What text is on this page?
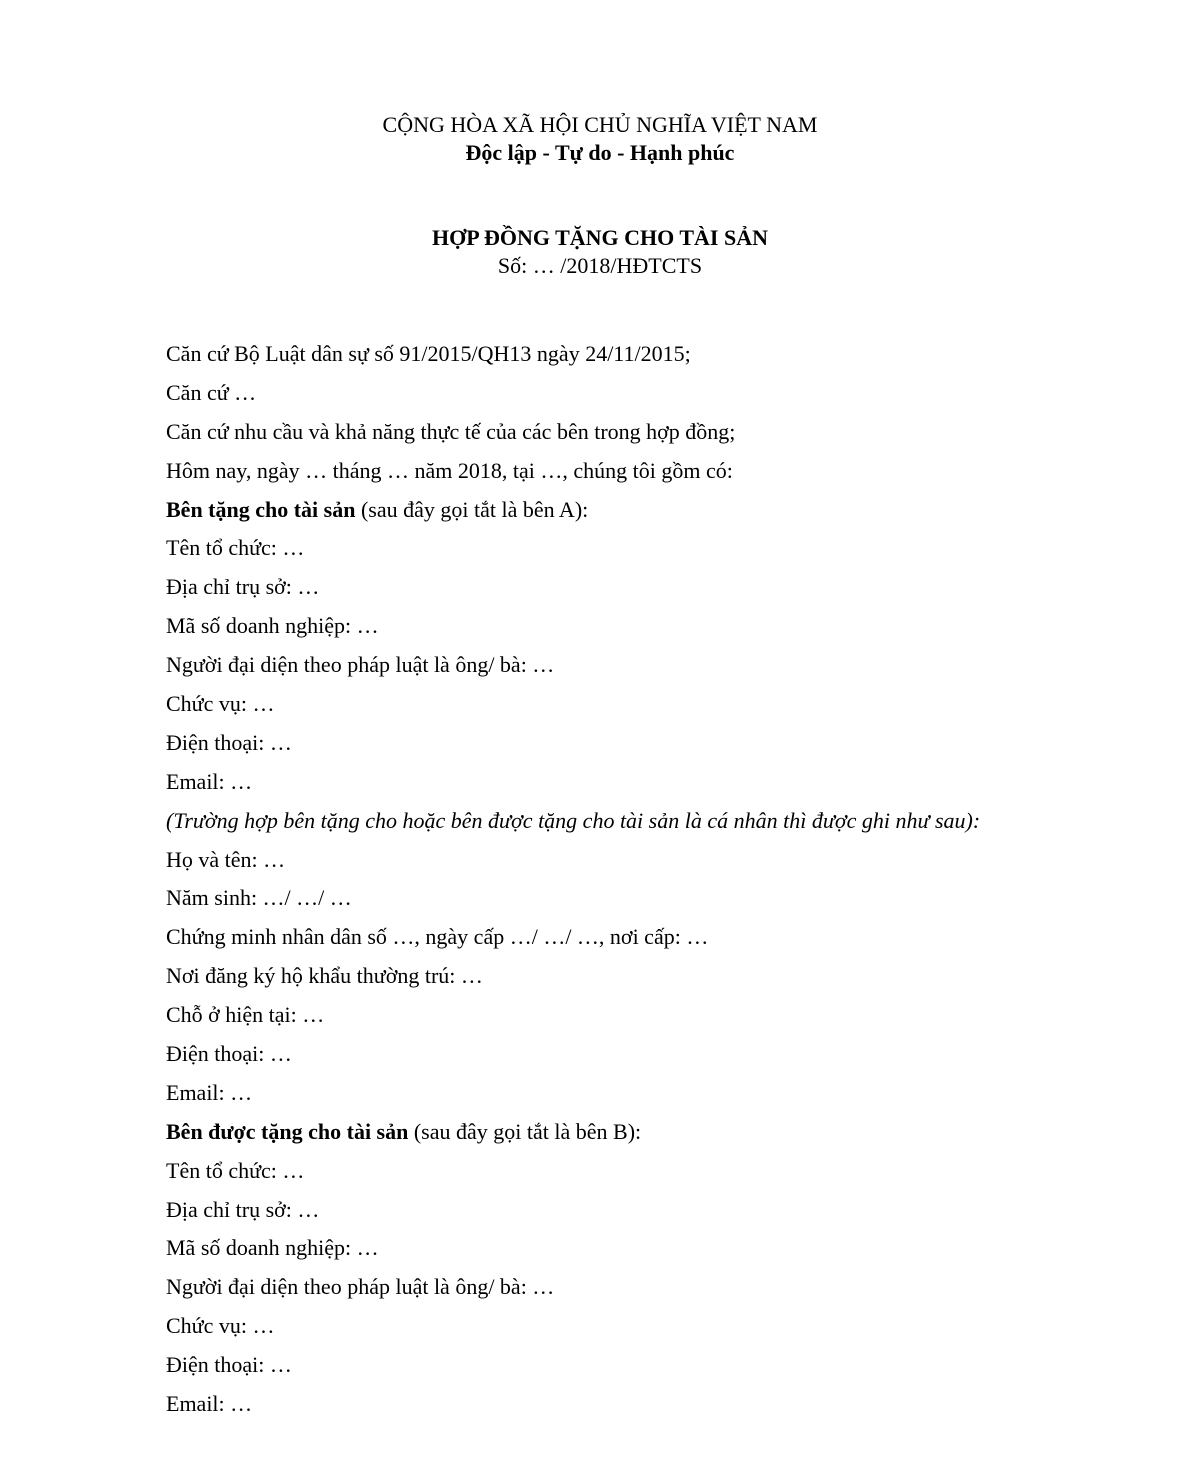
CỘNG HÒA XÃ HỘI CHỦ NGHĨA VIỆT NAM
Độc lập - Tự do - Hạnh phúc
HỢP ĐỒNG TẶNG CHO TÀI SẢN
Số: … /2018/HĐTCTS
Căn cứ Bộ Luật dân sự số 91/2015/QH13 ngày 24/11/2015;
Căn cứ …
Căn cứ nhu cầu và khả năng thực tế của các bên trong hợp đồng;
Hôm nay, ngày … tháng … năm 2018, tại …, chúng tôi gồm có:
Bên tặng cho tài sản (sau đây gọi tắt là bên A):
Tên tổ chức: …
Địa chỉ trụ sở: …
Mã số doanh nghiệp: …
Người đại diện theo pháp luật là ông/ bà: …
Chức vụ: …
Điện thoại: …
Email: …
(Trường hợp bên tặng cho hoặc bên được tặng cho tài sản là cá nhân thì được ghi như sau):
Họ và tên: …
Năm sinh: …/ …/ …
Chứng minh nhân dân số …, ngày cấp …/ …/ …, nơi cấp: …
Nơi đăng ký hộ khẩu thường trú: …
Chỗ ở hiện tại: …
Điện thoại: …
Email: …
Bên được tặng cho tài sản (sau đây gọi tắt là bên B):
Tên tổ chức: …
Địa chỉ trụ sở: …
Mã số doanh nghiệp: …
Người đại diện theo pháp luật là ông/ bà: …
Chức vụ: …
Điện thoại: …
Email: …
